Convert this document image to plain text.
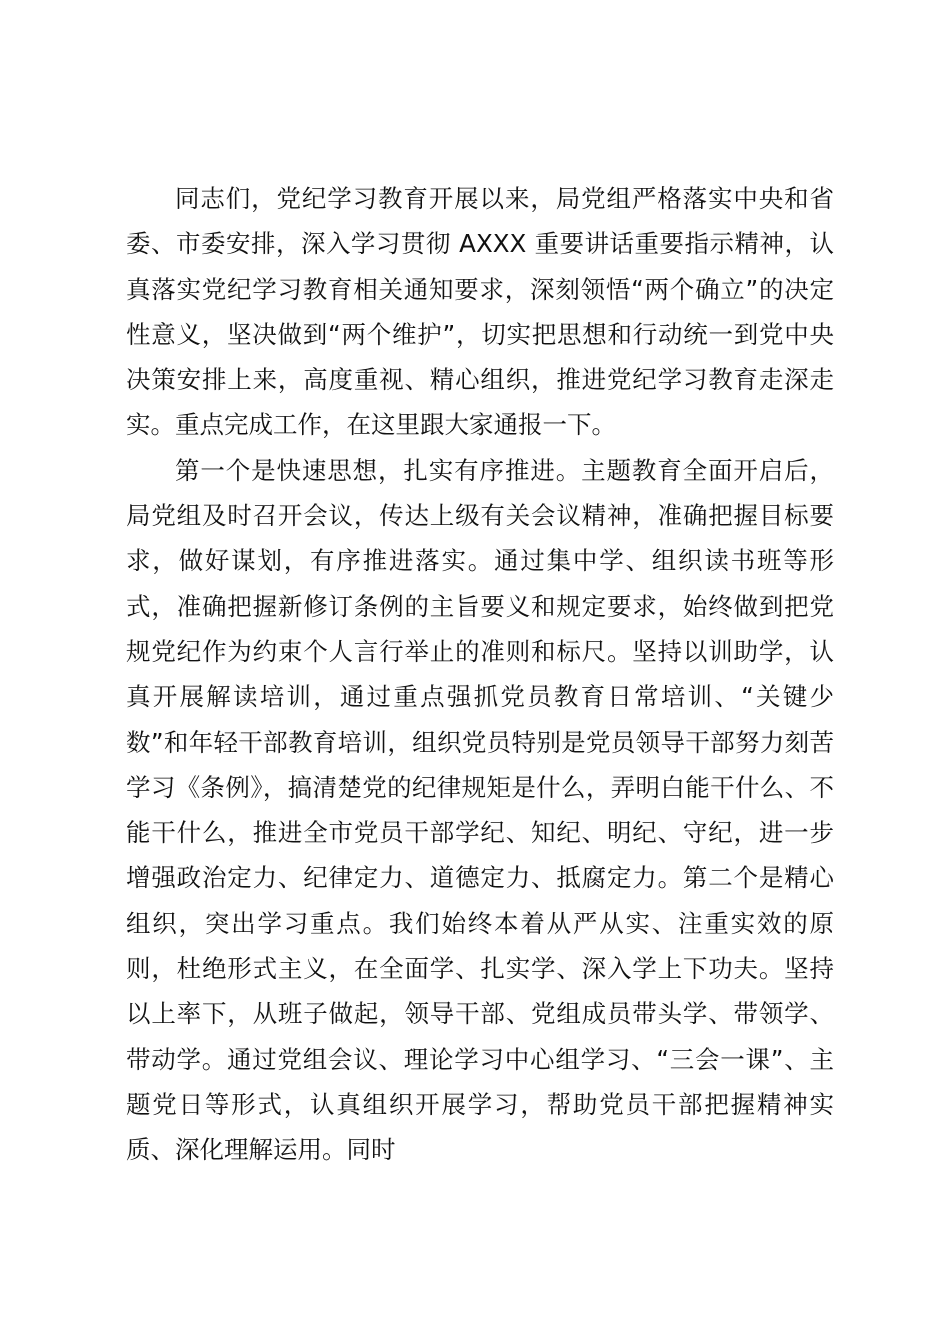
同志们，党纪学习教育开展以来，局党组严格落实中央和省委、市委安排，深入学习贯彻 AXXX 重要讲话重要指示精神，认真落实党纪学习教育相关通知要求，深刻领悟“两个确立”的决定性意义，坚决做到“两个维护”，切实把思想和行动统一到党中央决策安排上来，高度重视、精心组织，推进党纪学习教育走深走实。重点完成工作，在这里跟大家通报一下。

第一个是快速思想，扎实有序推进。主题教育全面开启后，局党组及时召开会议，传达上级有关会议精神，准确把握目标要求，做好谋划，有序推进落实。通过集中学、组织读书班等形式，准确把握新修订条例的主旨要义和规定要求，始终做到把党规党纪作为约束个人言行举止的准则和标尺。坚持以训助学，认真开展解读培训，通过重点强抓党员教育日常培训、“关键少数”和年轻干部教育培训，组织党员特别是党员领导干部努力刻苦学习《条例》，搞清楚党的纪律规矩是什么，弄明白能干什么、不能干什么，推进全市党员干部学纪、知纪、明纪、守纪，进一步增强政治定力、纪律定力、道德定力、抵腐定力。第二个是精心组织，突出学习重点。我们始终本着从严从实、注重实效的原则，杜绝形式主义，在全面学、扎实学、深入学上下功夫。坚持以上率下，从班子做起，领导干部、党组成员带头学、带领学、带动学。通过党组会议、理论学习中心组学习、“三会一课”、主题党日等形式，认真组织开展学习，帮助党员干部把握精神实质、深化理解运用。同时
